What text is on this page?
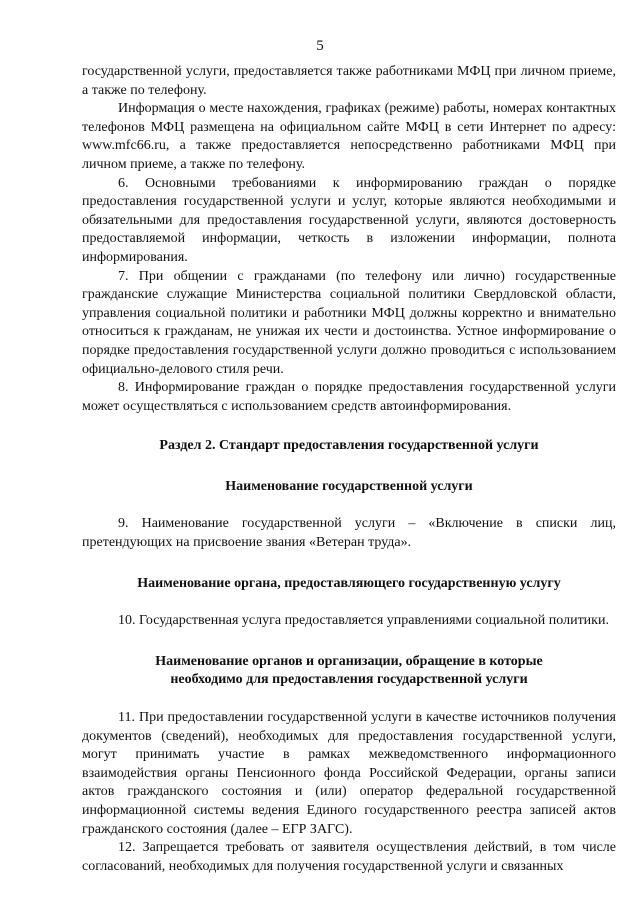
5

государственной услуги, предоставляется также работниками МФЦ при личном приеме, а также по телефону.

Информация о месте нахождения, графиках (режиме) работы, номерах контактных телефонов МФЦ размещена на официальном сайте МФЦ в сети Интернет по адресу: www.mfc66.ru, а также предоставляется непосредственно работниками МФЦ при личном приеме, а также по телефону.

6. Основными требованиями к информированию граждан о порядке предоставления государственной услуги и услуг, которые являются необходимыми и обязательными для предоставления государственной услуги, являются достоверность предоставляемой информации, четкость в изложении информации, полнота информирования.

7. При общении с гражданами (по телефону или лично) государственные гражданские служащие Министерства социальной политики Свердловской области, управления социальной политики и работники МФЦ должны корректно и внимательно относиться к гражданам, не унижая их чести и достоинства. Устное информирование о порядке предоставления государственной услуги должно проводиться с использованием официально-делового стиля речи.

8. Информирование граждан о порядке предоставления государственной услуги может осуществляться с использованием средств автоинформирования.

Раздел 2. Стандарт предоставления государственной услуги
Наименование государственной услуги

9. Наименование государственной услуги – «Включение в списки лиц, претендующих на присвоение звания «Ветеран труда».

Наименование органа, предоставляющего государственную услугу

10. Государственная услуга предоставляется управлениями социальной политики.

Наименование органов и организации, обращение в которые
необходимо для предоставления государственной услуги

11. При предоставлении государственной услуги в качестве источников получения документов (сведений), необходимых для предоставления государственной услуги, могут принимать участие в рамках межведомственного информационного взаимодействия органы Пенсионного фонда Российской Федерации, органы записи актов гражданского состояния и (или) оператор федеральной государственной информационной системы ведения Единого государственного реестра записей актов гражданского состояния (далее – ЕГР ЗАГС).

12. Запрещается требовать от заявителя осуществления действий, в том числе согласований, необходимых для получения государственной услуги и связанных
